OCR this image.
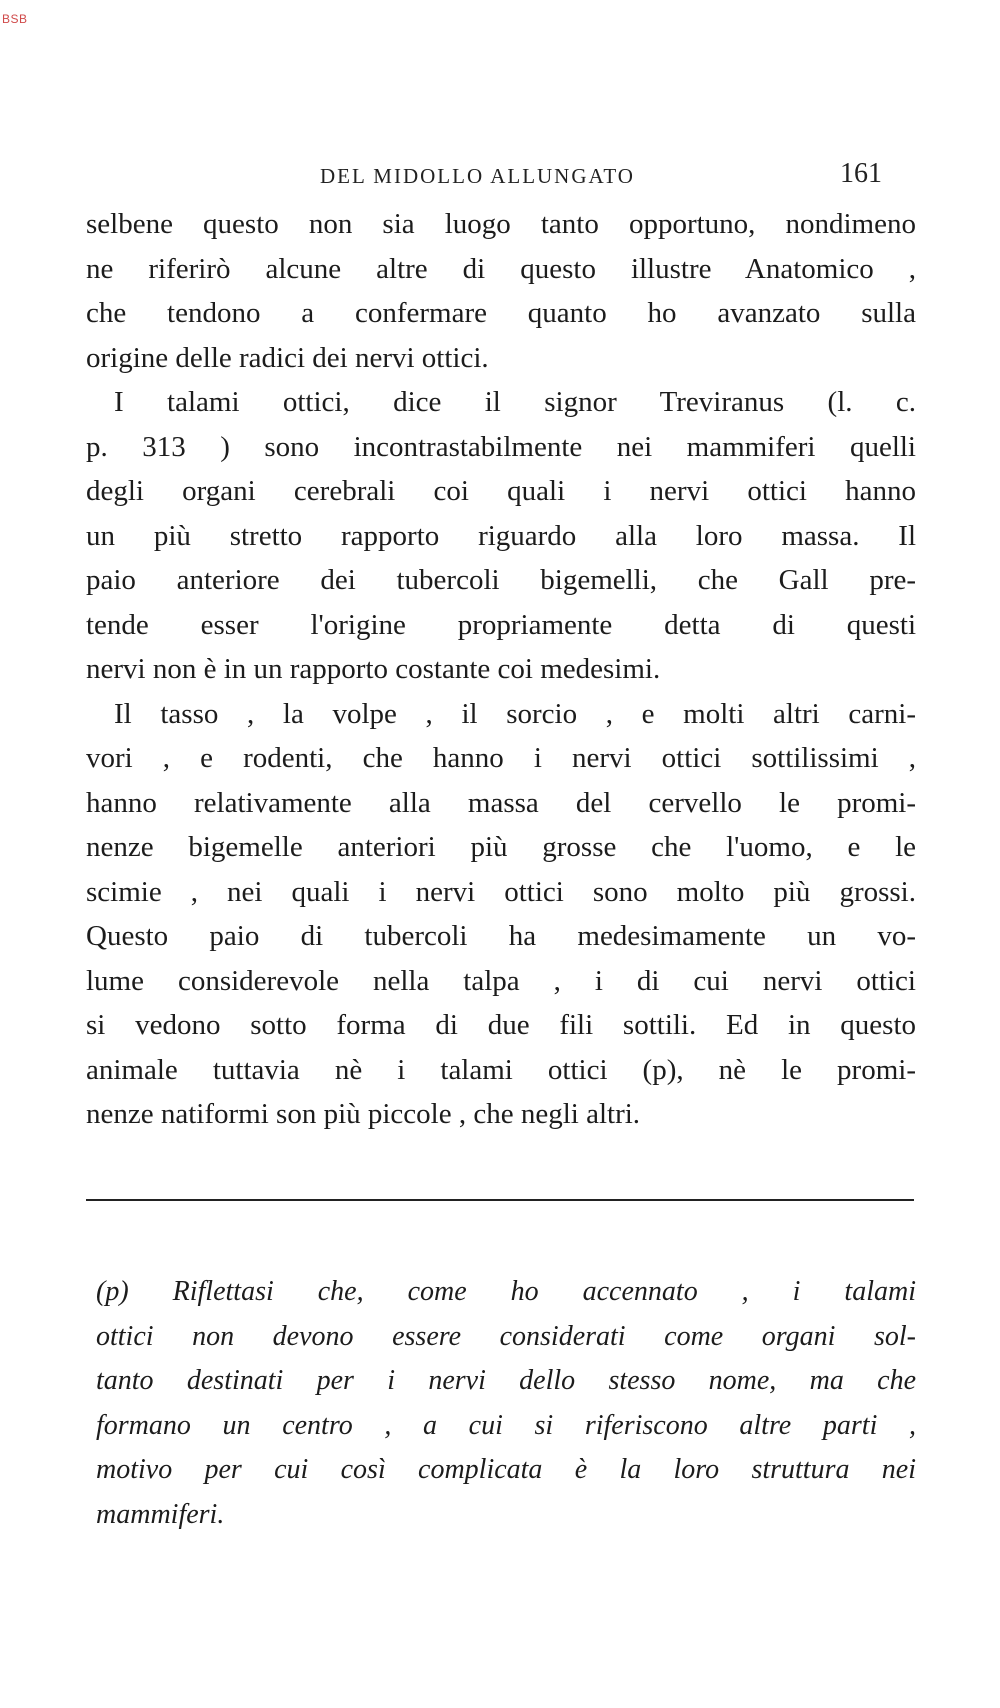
BSB
DEL MIDOLLO ALLUNGATO	161
selbene questo non sia luogo tanto opportuno, nondimeno
ne riferirò alcune altre di questo illustre Anatomico ,
che tendono a confermare quanto ho avanzato sulla
origine delle radici dei nervi ottici.
I talami ottici, dice il signor Treviranus (l. c.
p. 313 ) sono incontrastabilmente nei mammiferi quelli
degli organi cerebrali coi quali i nervi ottici hanno
un più stretto rapporto riguardo alla loro massa. Il
paio anteriore dei tubercoli bigemelli, che Gall pre-
tende esser l'origine propriamente detta di questi
nervi non è in un rapporto costante coi medesimi.
Il tasso , la volpe , il sorcio , e molti altri carni-
vori , e rodenti, che hanno i nervi ottici sottilissimi ,
hanno relativamente alla massa del cervello le promi-
nenze bigemelle anteriori più grosse che l'uomo, e le
scimie , nei quali i nervi ottici sono molto più grossi.
Questo paio di tubercoli ha medesimamente un vo-
lume considerevole nella talpa , i di cui nervi ottici
si vedono sotto forma di due fili sottili. Ed in questo
animale tuttavia nè i talami ottici (p), nè le promi-
nenze natiformi son più piccole , che negli altri.
(p) Riflettasi che, come ho accennato , i talami
ottici non devono essere considerati come organi sol-
tanto destinati per i nervi dello stesso nome, ma che
formano un centro , a cui si riferiscono altre parti ,
motivo per cui così complicata è la loro struttura nei
mammiferi.
